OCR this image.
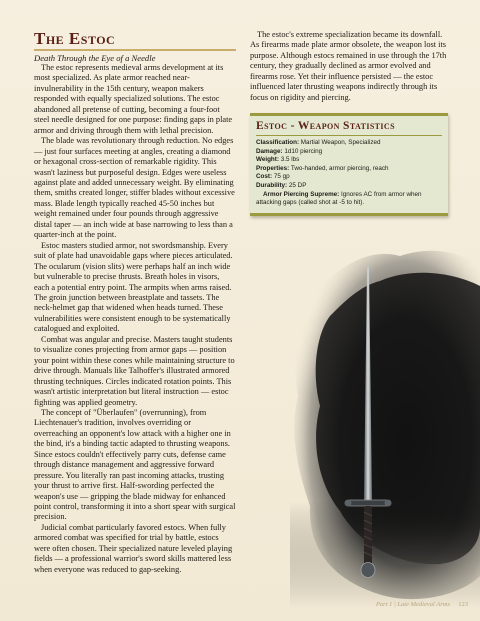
The Estoc

Death Through the Eye of a Needle

The estoc represents medieval arms development at its most specialized. As plate armor reached near-invulnerability in the 15th century, weapon makers responded with equally specialized solutions. The estoc abandoned all pretense of cutting, becoming a four-foot steel needle designed for one purpose: finding gaps in plate armor and driving through them with lethal precision.

The blade was revolutionary through reduction. No edges — just four surfaces meeting at angles, creating a diamond or hexagonal cross-section of remarkable rigidity. This wasn't laziness but purposeful design. Edges were useless against plate and added unnecessary weight. By eliminating them, smiths created longer, stiffer blades without excessive mass. Blade length typically reached 45-50 inches but weight remained under four pounds through aggressive distal taper — an inch wide at base narrowing to less than a quarter-inch at the point.

Estoc masters studied armor, not swordsmanship. Every suit of plate had unavoidable gaps where pieces articulated. The ocularum (vision slits) were perhaps half an inch wide but vulnerable to precise thrusts. Breath holes in visors, each a potential entry point. The armpits when arms raised. The groin junction between breastplate and tassets. The neck-helmet gap that widened when heads turned. These vulnerabilities were consistent enough to be systematically catalogued and exploited.

Combat was angular and precise. Masters taught students to visualize cones projecting from armor gaps — position your point within these cones while maintaining structure to drive through. Manuals like Talhoffer's illustrated armored thrusting techniques. Circles indicated rotation points. This wasn't artistic interpretation but literal instruction — estoc fighting was applied geometry.

The concept of "Überlaufen" (overrunning), from Liechtenauer's tradition, involves overriding or overreaching an opponent's low attack with a higher one in the bind, it's a binding tactic adapted to thrusting weapons. Since estocs couldn't effectively parry cuts, defense came through distance management and aggressive forward pressure. You literally ran past incoming attacks, trusting your thrust to arrive first. Half-swording perfected the weapon's use — gripping the blade midway for enhanced point control, transforming it into a short spear with surgical precision.

Judicial combat particularly favored estocs. When fully armored combat was specified for trial by battle, estocs were often chosen. Their specialized nature leveled playing fields — a professional warrior's sword skills mattered less when everyone was reduced to gap-seeking.

The estoc's extreme specialization became its downfall. As firearms made plate armor obsolete, the weapon lost its purpose. Although estocs remained in use through the 17th century, they gradually declined as armor evolved and firearms rose. Yet their influence persisted — the estoc influenced later thrusting weapons indirectly through its focus on rigidity and piercing.

Estoc - Weapon Statistics

Classification: Martial Weapon, Specialized

Damage: 1d10 piercing

Weight: 3.5 lbs

Properties: Two-handed, armor piercing, reach

Cost: 75 gp

Durability: 25 DP

Armor Piercing Supreme: Ignores AC from armor when attacking gaps (called shot at -5 to hit).

Part 1 | Late Medieval Arms 123
